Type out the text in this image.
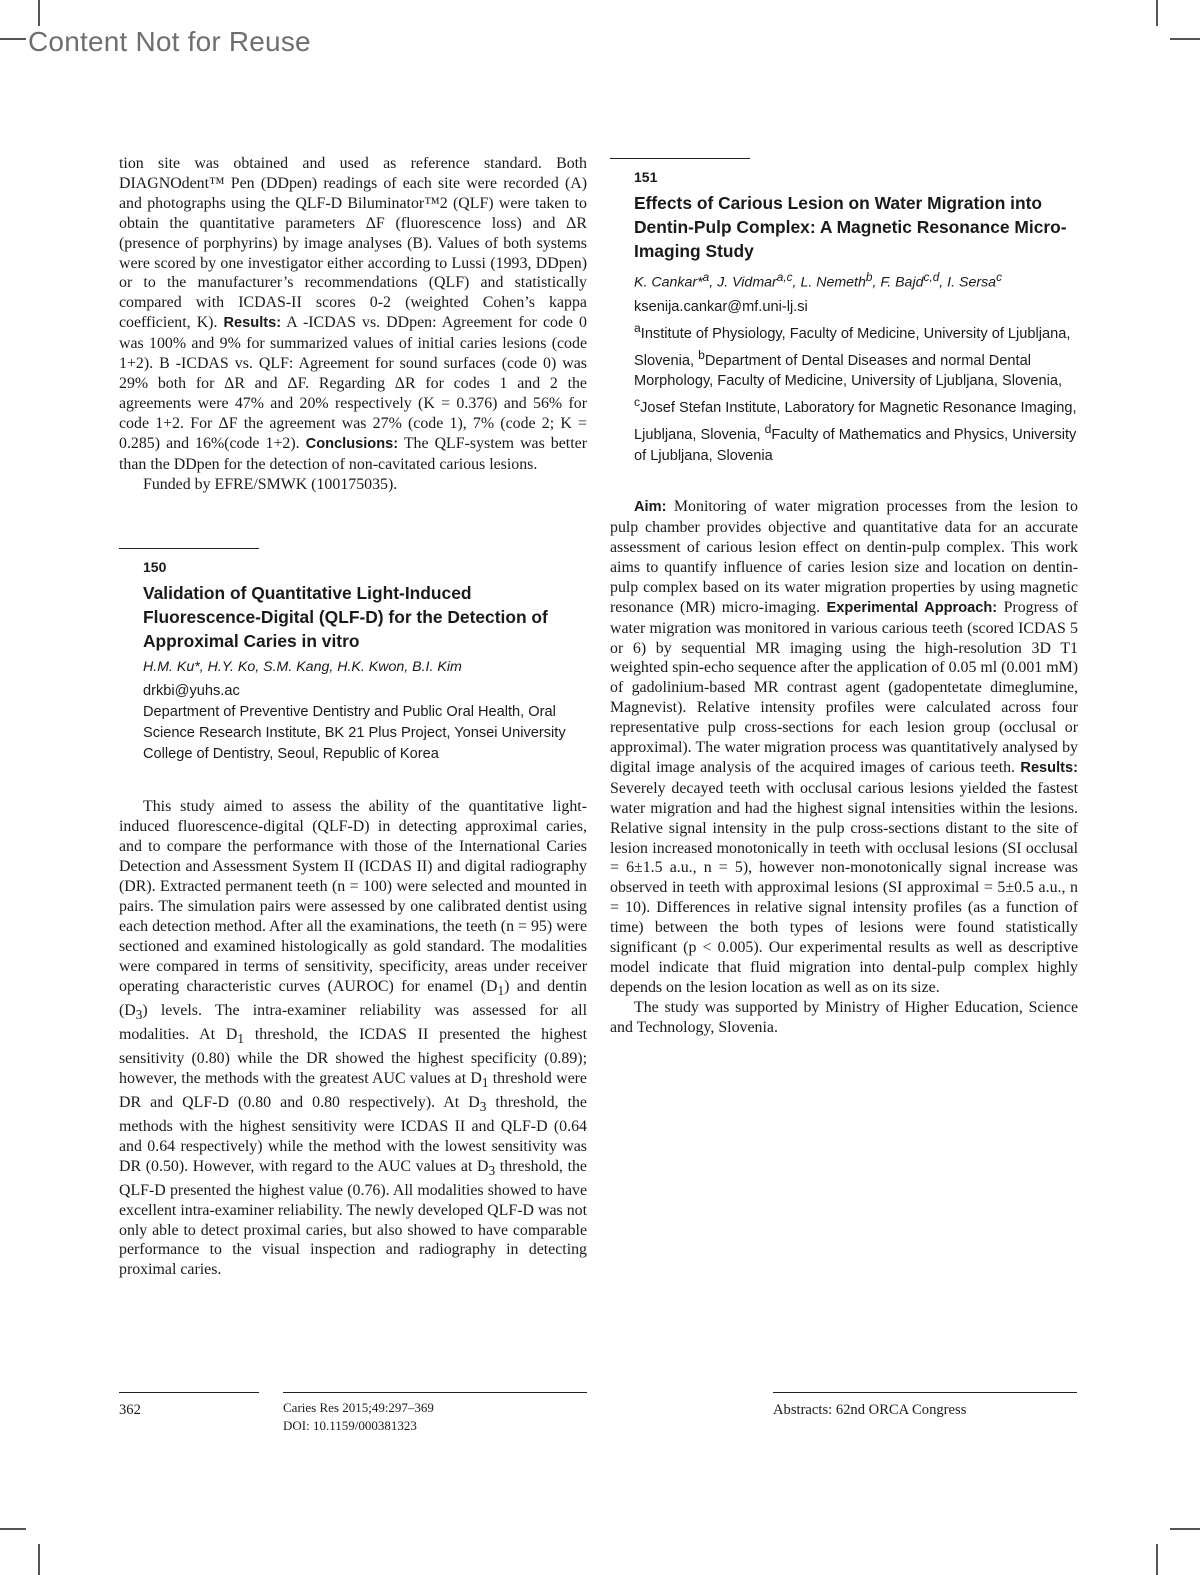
Content Not for Reuse

tion site was obtained and used as reference standard. Both DIAGNOdent™ Pen (DDpen) readings of each site were recorded (A) and photographs using the QLF-D Biluminator™2 (QLF) were taken to obtain the quantitative parameters ΔF (fluorescence loss) and ΔR (presence of porphyrins) by image analyses (B). Values of both systems were scored by one investigator either according to Lussi (1993, DDpen) or to the manufacturer’s recommendations (QLF) and statistically compared with ICDAS-II scores 0-2 (weighted Cohen’s kappa coefficient, K). Results: A -ICDAS vs. DDpen: Agreement for code 0 was 100% and 9% for summarized values of initial caries lesions (code 1+2). B -ICDAS vs. QLF: Agreement for sound surfaces (code 0) was 29% both for ΔR and ΔF. Regarding ΔR for codes 1 and 2 the agreements were 47% and 20% respectively (K = 0.376) and 56% for code 1+2. For ΔF the agreement was 27% (code 1), 7% (code 2; K = 0.285) and 16%(code 1+2). Conclusions: The QLF-system was better than the DDpen for the detection of non-cavitated carious lesions.

Funded by EFRE/SMWK (100175035).

150
Validation of Quantitative Light-Induced Fluorescence-Digital (QLF-D) for the Detection of Approximal Caries in vitro
H.M. Ku*, H.Y. Ko, S.M. Kang, H.K. Kwon, B.I. Kim
drkbi@yuhs.ac
Department of Preventive Dentistry and Public Oral Health, Oral Science Research Institute, BK 21 Plus Project, Yonsei University College of Dentistry, Seoul, Republic of Korea

This study aimed to assess the ability of the quantitative light-induced fluorescence-digital (QLF-D) in detecting approximal caries, and to compare the performance with those of the International Caries Detection and Assessment System II (ICDAS II) and digital radiography (DR). Extracted permanent teeth (n = 100) were selected and mounted in pairs. The simulation pairs were assessed by one calibrated dentist using each detection method. After all the examinations, the teeth (n = 95) were sectioned and examined histologically as gold standard. The modalities were compared in terms of sensitivity, specificity, areas under receiver operating characteristic curves (AUROC) for enamel $(D_1)$ and dentin $(D_3)$ levels. The intra-examiner reliability was assessed for all modalities. At $D_1$ threshold, the ICDAS II presented the highest sensitivity (0.80) while the DR showed the highest specificity (0.89); however, the methods with the greatest AUC values at $D_1$ threshold were DR and QLF-D (0.80 and 0.80 respectively). At $D_3$ threshold, the methods with the highest sensitivity were ICDAS II and QLF-D (0.64 and 0.64 respectively) while the method with the lowest sensitivity was DR (0.50). However, with regard to the AUC values at $D_3$ threshold, the QLF-D presented the highest value (0.76). All modalities showed to have excellent intra-examiner reliability. The newly developed QLF-D was not only able to detect proximal caries, but also showed to have comparable performance to the visual inspection and radiography in detecting proximal caries.

151
Effects of Carious Lesion on Water Migration into Dentin-Pulp Complex: A Magnetic Resonance Micro-Imaging Study
K. Cankar*$^a$, J. Vidmar$^{a,c}$, L. Nemeth$^b$, F. Bajd$^{c,d}$, I. Sersa$^c$
ksenija.cankar@mf.uni-lj.si
$^a$Institute of Physiology, Faculty of Medicine, University of Ljubljana, Slovenia, $^b$Department of Dental Diseases and normal Dental Morphology, Faculty of Medicine, University of Ljubljana, Slovenia, $^c$Josef Stefan Institute, Laboratory for Magnetic Resonance Imaging, Ljubljana, Slovenia, $^d$Faculty of Mathematics and Physics, University of Ljubljana, Slovenia

Aim: Monitoring of water migration processes from the lesion to pulp chamber provides objective and quantitative data for an accurate assessment of carious lesion effect on dentin-pulp complex. This work aims to quantify influence of caries lesion size and location on dentin-pulp complex based on its water migration properties by using magnetic resonance (MR) micro-imaging. Experimental Approach: Progress of water migration was monitored in various carious teeth (scored ICDAS 5 or 6) by sequential MR imaging using the high-resolution 3D T1 weighted spin-echo sequence after the application of 0.05 ml (0.001 mM) of gadolinium-based MR contrast agent (gadopentetate dimeglumine, Magnevist). Relative intensity profiles were calculated across four representative pulp cross-sections for each lesion group (occlusal or approximal). The water migration process was quantitatively analysed by digital image analysis of the acquired images of carious teeth. Results: Severely decayed teeth with occlusal carious lesions yielded the fastest water migration and had the highest signal intensities within the lesions. Relative signal intensity in the pulp cross-sections distant to the site of lesion increased monotonically in teeth with occlusal lesions (SI occlusal = 6±1.5 a.u., n = 5), however non-monotonically signal increase was observed in teeth with approximal lesions (SI approximal = 5±0.5 a.u., n = 10). Differences in relative signal intensity profiles (as a function of time) between the both types of lesions were found statistically significant (p < 0.005). Our experimental results as well as descriptive model indicate that fluid migration into dental-pulp complex highly depends on the lesion location as well as on its size.

The study was supported by Ministry of Higher Education, Science and Technology, Slovenia.

362	Caries Res 2015;49:297–369
DOI: 10.1159/000381323
Abstracts: 62nd ORCA Congress
